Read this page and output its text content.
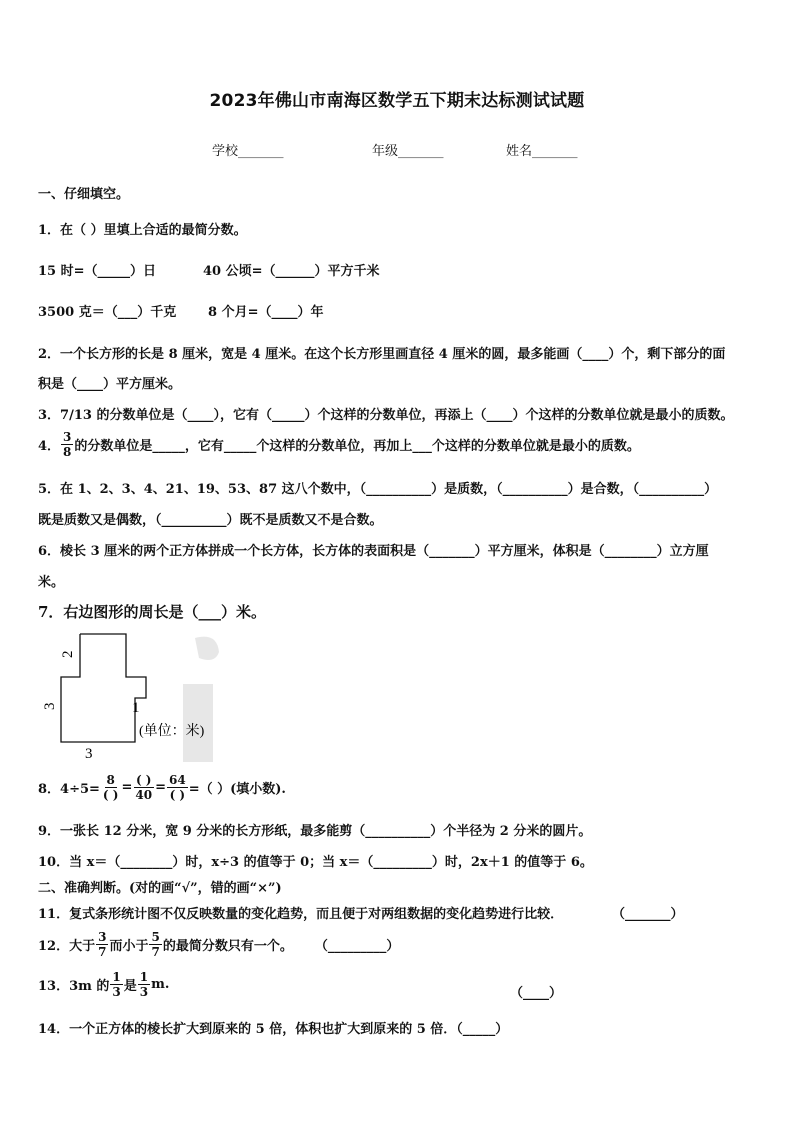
2023年佛山市南海区数学五下期末达标测试试题
学校_______	年级_______	姓名_______
一、仔细填空。
1．在（ ）里填上合适的最简分数。
15 时=（_____）日	40 公顷=（______）平方千米
3500 克＝（___）千克 8 个月=（____）年
2．一个长方形的长是 8 厘米，宽是 4 厘米。在这个长方形里画直径 4 厘米的圆，最多能画（____）个，剩下部分的面
积是（____）平方厘米。
3．7/13 的分数单位是（____），它有（_____）个这样的分数单位，再添上（____）个这样的分数单位就是最小的质数。
4． $\frac{3}{8}$ 的分数单位是_____，它有_____个这样的分数单位，再加上___个这样的分数单位就是最小的质数。
5．在 1、2、3、4、21、19、53、87 这八个数中，（__________）是质数，（__________）是合数，（__________）
既是质数又是偶数，（__________）既不是质数又不是合数。
6．棱长 3 厘米的两个正方体拼成一个长方体，长方体的表面积是（_______）平方厘米，体积是（________）立方厘
米。
7．右边图形的周长是（___）米。
2
3	1
3
(单位：米)
8．$4\div 5= \frac{8}{( )} = \frac{( )}{40} = \frac{64}{( )}$ =（ ）(填小数).
9．一张长 12 分米，宽 9 分米的长方形纸，最多能剪（__________）个半径为 2 分米的圆片。
10．当 x＝（________）时，x÷3 的值等于 0；当 x＝（_________）时，2x＋1 的值等于 6。
二、准确判断。(对的画“√”，错的画“×”)
11．复式条形统计图不仅反映数量的变化趋势，而且便于对两组数据的变化趋势进行比较．	（_______）
12．大于 $\frac{3}{7}$ 而小于 $\frac{5}{7}$ 的最简分数只有一个。 （_________）
13．3m 的 $\frac{1}{3}$ 是 $\frac{1}{3} m$.
（____）
14．一个正方体的棱长扩大到原来的 5 倍，体积也扩大到原来的 5 倍．（_____）
